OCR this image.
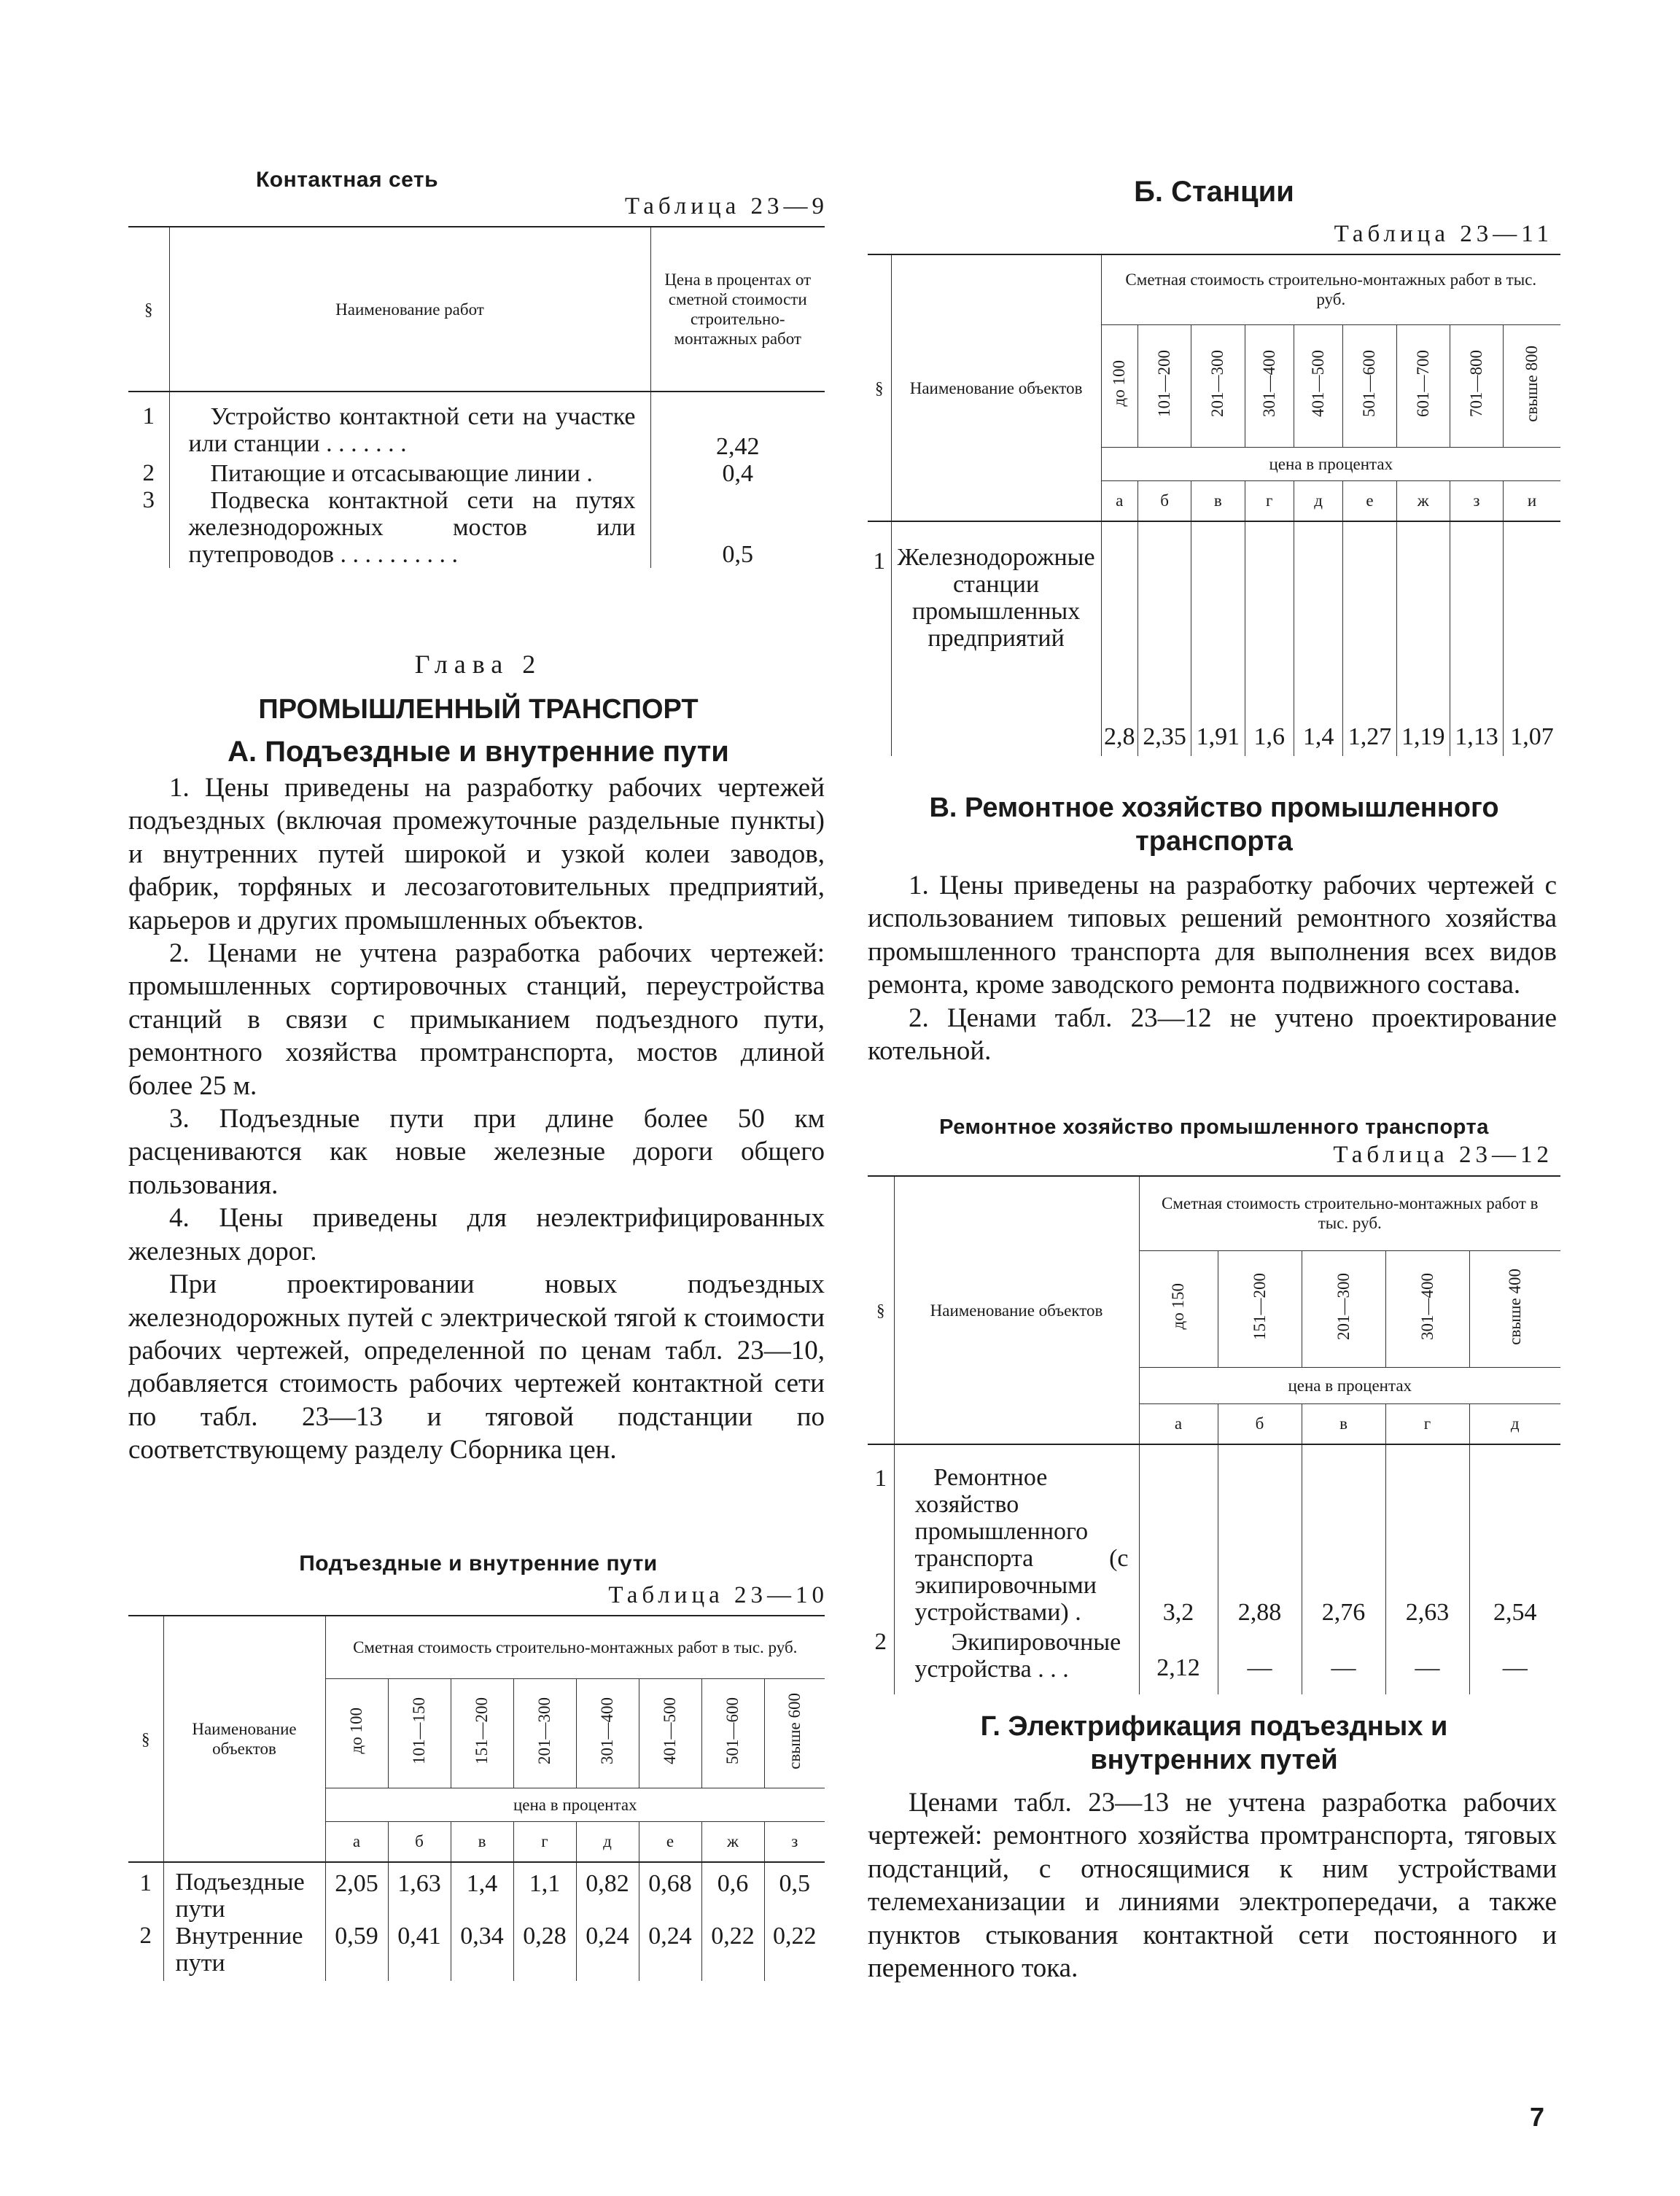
Контактная сеть
Таблица 23—9
§	Наименование работ	Цена в процентах от сметной стоимости строительно-монтажных работ

1	Устройство контактной сети на участке или станции . . . . . . .	2,42
2	Питающие и отсасывающие линии .	0,4
3	Подвеска контактной сети на путях железнодорожных мостов или путепроводов . . . . . . . . . .	0,5
Глава 2
ПРОМЫШЛЕННЫЙ ТРАНСПОРТ
А. Подъездные и внутренние пути

1. Цены приведены на разработку рабочих чертежей подъездных (включая промежуточные раздельные пункты) и внутренних путей широкой и узкой колеи заводов, фабрик, торфяных и лесозаготовительных предприятий, карьеров и других промышленных объектов.

2. Ценами не учтена разработка рабочих чертежей: промышленных сортировочных станций, переустройства станций в связи с примыканием подъездного пути, ремонтного хозяйства промтранспорта, мостов длиной более 25 м.

3. Подъездные пути при длине более 50 км расцениваются как новые железные дороги общего пользования.

4. Цены приведены для неэлектрифицированных железных дорог.

При проектировании новых подъездных железнодорожных путей с электрической тягой к стоимости рабочих чертежей, определенной по ценам табл. 23—10, добавляется стоимость рабочих чертежей контактной сети по табл. 23—13 и тяговой подстанции по соответствующему разделу Сборника цен.

Подъездные и внутренние пути
Таблица 23—10
§	Наименование объектов	Сметная стоимость строительно-монтажных работ в тыс. руб.							
		до 100	101—150	151—200	201—300	301—400	401—500	501—600	свыше 600
		цена в процентах							
		а	б	в	г	д	е	ж	з
1	Подъездные пути	2,05	1,63	1,4	1,1	0,82	0,68	0,6	0,5
2	Внутренние пути	0,59	0,41	0,34	0,28	0,24	0,24	0,22	0,22
Б. Станции
Таблица 23—11
§	Наименование объектов	Сметная стоимость строительно-монтажных работ в тыс. руб.								
		до 100	101—200	201—300	301—400	401—500	501—600	601—700	701—800	свыше 800
		цена в процентах								
		а	б	в	г	д	е	ж	з	и
1	Железнодорожные станции промышленных предприятий	2,8	2,35	1,91	1,6	1,4	1,27	1,19	1,13	1,07
В. Ремонтное хозяйство промышленного транспорта

1. Цены приведены на разработку рабочих чертежей с использованием типовых решений ремонтного хозяйства промышленного транспорта для выполнения всех видов ремонта, кроме заводского ремонта подвижного состава.

2. Ценами табл. 23—12 не учтено проектирование котельной.

Ремонтное хозяйство промышленного транспорта
Таблица 23—12
§	Наименование объектов	Сметная стоимость строительно-монтажных работ в тыс. руб.				
		до 150	151—200	201—300	301—400	свыше 400
		цена в процентах				
		а	б	в	г	д
1	Ремонтное хозяйство промышленного транспорта (с экипировочными устройствами) .	3,2	2,88	2,76	2,63	2,54
2	Экипировочные устройства . . .	2,12	—	—	—	—
Г. Электрификация подъездных и внутренних путей

Ценами табл. 23—13 не учтена разработка рабочих чертежей: ремонтного хозяйства промтранспорта, тяговых подстанций, с относящимися к ним устройствами телемеханизации и линиями электропередачи, а также пунктов стыкования контактной сети постоянного и переменного тока.

7
